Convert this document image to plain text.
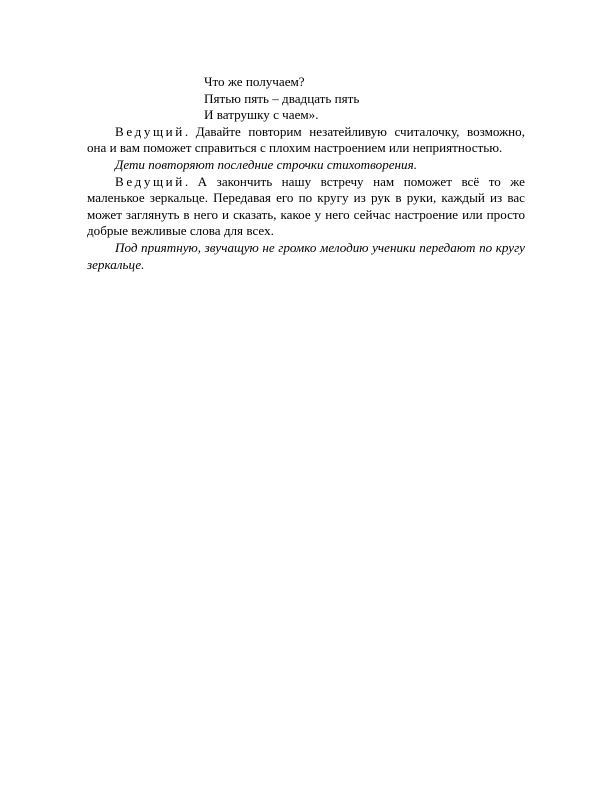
Что же получаем?
Пятью пять – двадцать пять
И ватрушку с чаем».

Ведущий. Давайте повторим незатейливую считалочку, возможно, она и вам поможет справиться с плохим настроением или неприятностью.

Дети повторяют последние строчки стихотворения.

Ведущий. А закончить нашу встречу нам поможет всё то же маленькое зеркальце. Передавая его по кругу из рук в руки, каждый из вас может заглянуть в него и сказать, какое у него сейчас настроение или просто добрые вежливые слова для всех.

Под приятную, звучащую не громко мелодию ученики передают по кругу зеркальце.
